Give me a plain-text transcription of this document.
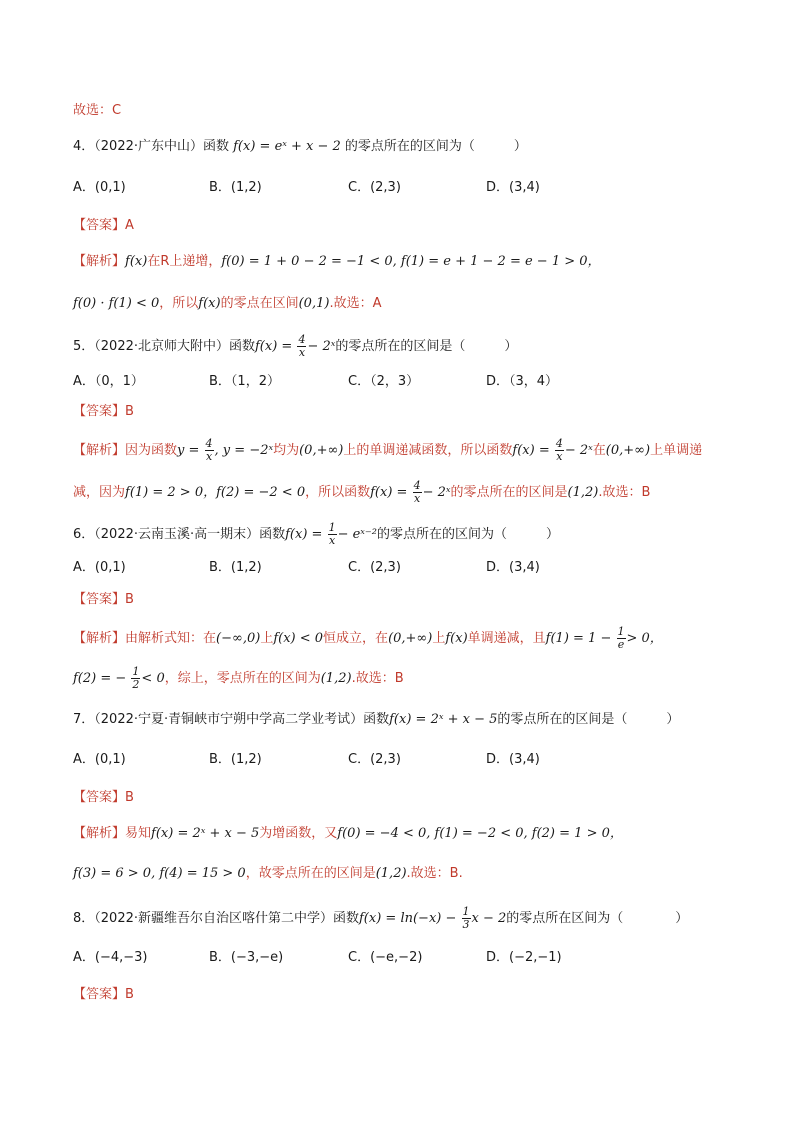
故选：C
4．（2022·广东中山）函数 f(x) = eˣ + x − 2 的零点所在的区间为（　　　）
A．(0,1)	B．(1,2)	C．(2,3)	D．(3,4)
【答案】A
【解析】f(x)在R上递增，f(0) = 1 + 0 − 2 = −1 < 0, f(1) = e + 1 − 2 = e − 1 > 0，
f(0) · f(1) < 0，所以f(x)的零点在区间(0,1).故选：A
5．（2022·北京师大附中）函数$f(x) = \frac{4}{x}$ − 2ˣ的零点所在的区间是（　　　）
A．（0，1）	B．（1，2）	C．（2，3）	D．（3，4）
【答案】B
【解析】因为函数$y = \frac{4}{x}$ , y = −2ˣ均为(0,+∞)上的单调递减函数，所以函数$f(x) = \frac{4}{x}$ − 2ˣ在(0,+∞)上单调递
减，因为f(1) = 2 > 0，f(2) = −2 < 0，所以函数$f(x) = \frac{4}{x}$ − 2ˣ的零点所在的区间是(1,2).故选：B
6．（2022·云南玉溪·高一期末）函数$f(x) = \frac{1}{x}$ − eˣ⁻²的零点所在的区间为（　　　）
A．(0,1)	B．(1,2)	C．(2,3)	D．(3,4)
【答案】B
【解析】由解析式知：在(−∞,0)上f(x) < 0恒成立，在(0,+∞)上f(x)单调递减，且$f(1) = 1 - \frac{1}{e} > 0$，
f(2) = − $\frac{1}{2} < 0$，综上，零点所在的区间为(1,2).故选：B
7．（2022·宁夏·青铜峡市宁朔中学高二学业考试）函数f(x) = 2ˣ + x − 5的零点所在的区间是（　　　）
A．(0,1)	B．(1,2)	C．(2,3)	D．(3,4)
【答案】B
【解析】易知f(x) = 2ˣ + x − 5为增函数，又f(0) = −4 < 0, f(1) = −2 < 0, f(2) = 1 > 0，
f(3) = 6 > 0, f(4) = 15 > 0，故零点所在的区间是(1,2).故选：B.
8．（2022·新疆维吾尔自治区喀什第二中学）函数$f(x) = \ln(-x) - \frac{1}{3}$ x − 2的零点所在区间为（　　　　）
A．(−4,−3)	B．(−3,−e)	C．(−e,−2)	D．(−2,−1)
【答案】B
